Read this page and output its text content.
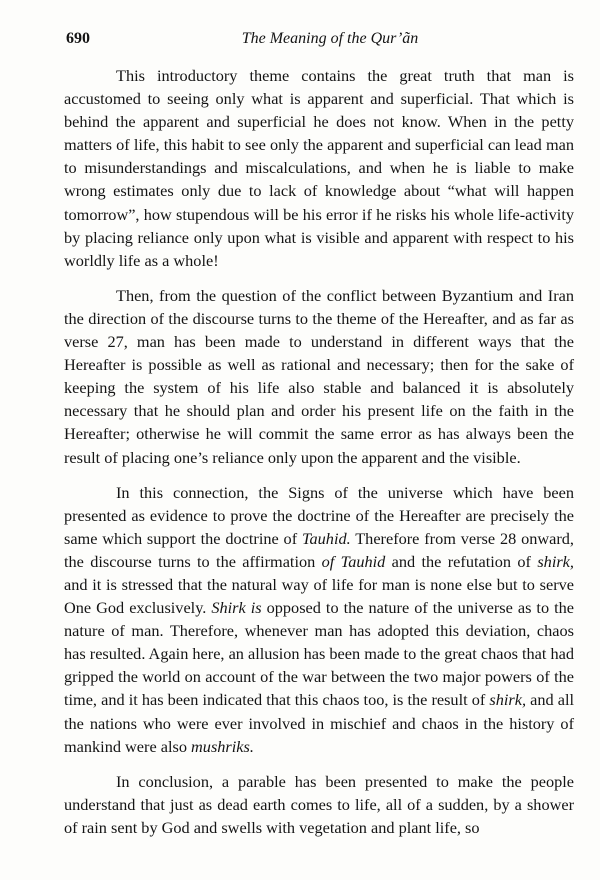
690	The Meaning of the Qur’ãn

This introductory theme contains the great truth that man is accustomed to seeing only what is apparent and superficial. That which is behind the apparent and superficial he does not know. When in the petty matters of life, this habit to see only the apparent and superficial can lead man to misunderstandings and miscalculations, and when he is liable to make wrong estimates only due to lack of knowledge about “what will happen tomorrow”, how stupendous will be his error if he risks his whole life-activity by placing reliance only upon what is visible and apparent with respect to his worldly life as a whole!

Then, from the question of the conflict between Byzantium and Iran the direction of the discourse turns to the theme of the Hereafter, and as far as verse 27, man has been made to understand in different ways that the Hereafter is possible as well as rational and necessary; then for the sake of keeping the system of his life also stable and balanced it is absolutely necessary that he should plan and order his present life on the faith in the Hereafter; otherwise he will commit the same error as has always been the result of placing one’s reliance only upon the apparent and the visible.

In this connection, the Signs of the universe which have been presented as evidence to prove the doctrine of the Hereafter are precisely the same which support the doctrine of Tauhid. Therefore from verse 28 onward, the discourse turns to the affirmation of Tauhid and the refutation of shirk, and it is stressed that the natural way of life for man is none else but to serve One God exclusively. Shirk is opposed to the nature of the universe as to the nature of man. Therefore, whenever man has adopted this deviation, chaos has resulted. Again here, an allusion has been made to the great chaos that had gripped the world on account of the war between the two major powers of the time, and it has been indicated that this chaos too, is the result of shirk, and all the nations who were ever involved in mischief and chaos in the history of mankind were also mushriks.

In conclusion, a parable has been presented to make the people understand that just as dead earth comes to life, all of a sudden, by a shower of rain sent by God and swells with vegetation and plant life, so
